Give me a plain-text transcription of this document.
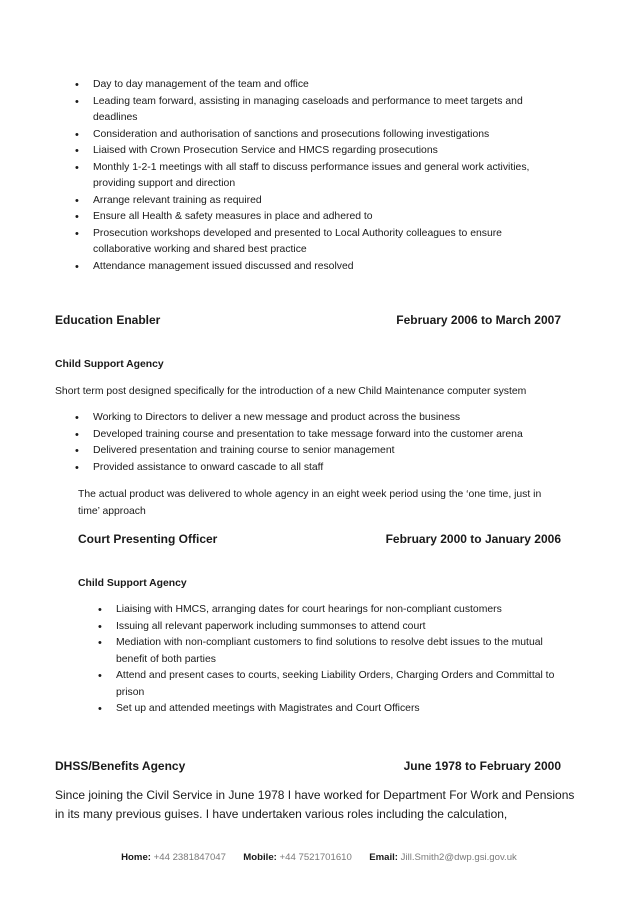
• Day to day management of the team and office
• Leading team forward, assisting in managing caseloads and performance to meet targets and deadlines
• Consideration and authorisation of sanctions and prosecutions following investigations
• Liaised with Crown Prosecution Service and HMCS regarding prosecutions
• Monthly 1-2-1 meetings with all staff to discuss performance issues and general work activities, providing support and direction
• Arrange relevant training as required
• Ensure all Health & safety measures in place and adhered to
• Prosecution workshops developed and presented to Local Authority colleagues to ensure collaborative working and shared best practice
• Attendance management issued discussed and resolved
Education Enabler	February 2006 to March 2007
Child Support Agency
Short term post designed specifically for the introduction of a new Child Maintenance computer system
• Working to Directors to deliver a new message and product across the business
• Developed training course and presentation to take message forward into the customer arena
• Delivered presentation and training course to senior management
• Provided assistance to onward cascade to all staff
The actual product was delivered to whole agency in an eight week period using the ‘one time, just in time’ approach
Court Presenting Officer	February 2000 to January 2006
Child Support Agency
• Liaising with HMCS, arranging dates for court hearings for non-compliant customers
• Issuing all relevant paperwork including summonses to attend court
• Mediation with non-compliant customers to find solutions to resolve debt issues to the mutual benefit of both parties
• Attend and present cases to courts, seeking Liability Orders, Charging Orders and Committal to prison
• Set up and attended meetings with Magistrates and Court Officers
DHSS/Benefits Agency	June 1978 to February 2000
Since joining the Civil Service in June 1978 I have worked for Department For Work and Pensions
in its many previous guises. I have undertaken various roles including the calculation,
Home: +44 2381847047 Mobile: +44 7521701610 Email: Jill.Smith2@dwp.gsi.gov.uk
